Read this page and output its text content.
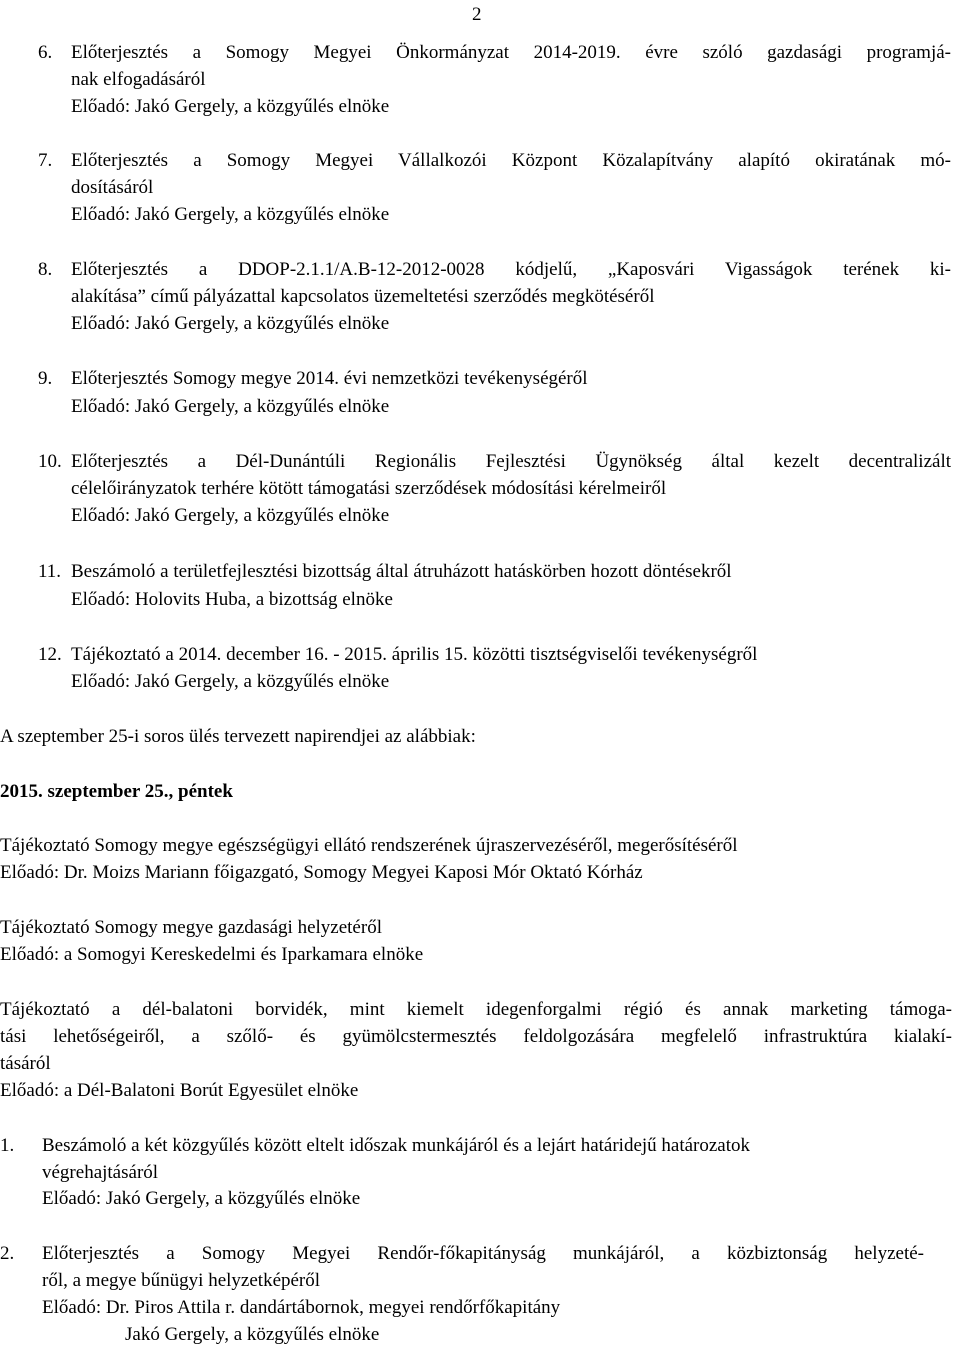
2
6. Előterjesztés a Somogy Megyei Önkormányzat 2014-2019. évre szóló gazdasági programjá-
nak elfogadásáról
Előadó: Jakó Gergely, a közgyűlés elnöke
7. Előterjesztés a Somogy Megyei Vállalkozói Központ Közalapítvány alapító okiratának mó-
dosításáról
Előadó: Jakó Gergely, a közgyűlés elnöke
8. Előterjesztés a DDOP-2.1.1/A.B-12-2012-0028 kódjelű, „Kaposvári Vigasságok terének ki-
alakítása” című pályázattal kapcsolatos üzemeltetési szerződés megkötéséről
Előadó: Jakó Gergely, a közgyűlés elnöke
9. Előterjesztés Somogy megye 2014. évi nemzetközi tevékenységéről
Előadó: Jakó Gergely, a közgyűlés elnöke
10. Előterjesztés a Dél-Dunántúli Regionális Fejlesztési Ügynökség által kezelt decentralizált
célelőirányzatok terhére kötött támogatási szerződések módosítási kérelmeiről
Előadó: Jakó Gergely, a közgyűlés elnöke
11. Beszámoló a területfejlesztési bizottság által átruházott hatáskörben hozott döntésekről
Előadó: Holovits Huba, a bizottság elnöke
12. Tájékoztató a 2014. december 16. - 2015. április 15. közötti tisztségviselői tevékenységről
Előadó: Jakó Gergely, a közgyűlés elnöke
A szeptember 25-i soros ülés tervezett napirendjei az alábbiak:
2015. szeptember 25., péntek
Tájékoztató Somogy megye egészségügyi ellátó rendszerének újraszervezéséről, megerősítéséről
Előadó: Dr. Moizs Mariann főigazgató, Somogy Megyei Kaposi Mór Oktató Kórház
Tájékoztató Somogy megye gazdasági helyzetéről
Előadó: a Somogyi Kereskedelmi és Iparkamara elnöke
Tájékoztató a dél-balatoni borvidék, mint kiemelt idegenforgalmi régió és annak marketing támoga-
tási lehetőségeiről, a szőlő- és gyümölcstermesztés feldolgozására megfelelő infrastruktúra kialakí-
tásáról
Előadó: a Dél-Balatoni Borút Egyesület elnöke
1. Beszámoló a két közgyűlés között eltelt időszak munkájáról és a lejárt határidejű határozatok
végrehajtásáról
Előadó: Jakó Gergely, a közgyűlés elnöke
2. Előterjesztés a Somogy Megyei Rendőr-főkapitányság munkájáról, a közbiztonság helyzeté-
ről, a megye bűnügyi helyzetképéről
Előadó: Dr. Piros Attila r. dandártábornok, megyei rendőrfőkapitány
Jakó Gergely, a közgyűlés elnöke
